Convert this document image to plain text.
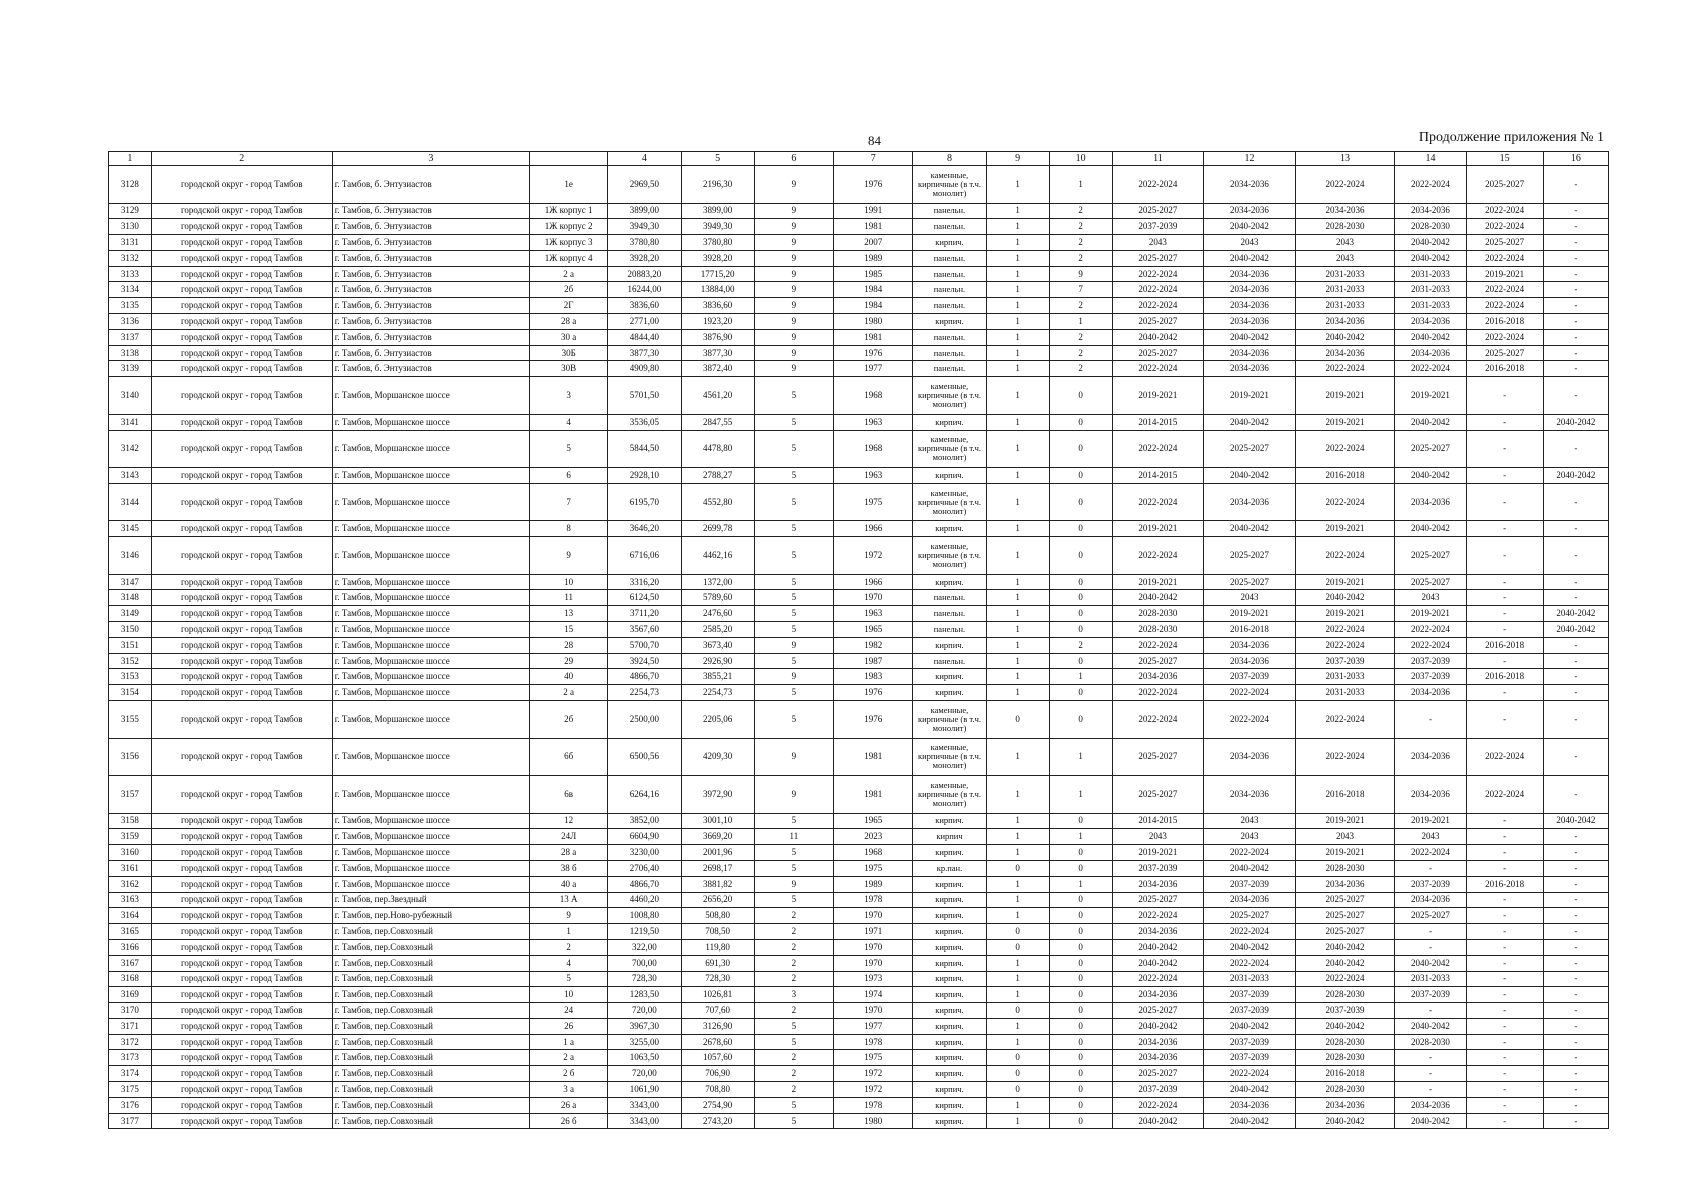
84	Продолжение приложения № 1
1	2	3		4	5	6	7	8	9	10	11	12	13	14	15	16
3128	городской округ - город Тамбов	г. Тамбов, б. Энтузиастов	1е	2969,50	2196,30	9	1976	каменные, кирпичные (в т.ч. монолит)	1	1	2022-2024	2034-2036	2022-2024	2022-2024	2025-2027	-
3129	городской округ - город Тамбов	г. Тамбов, б. Энтузиастов	1Ж корпус 1	3899,00	3899,00	9	1991	панельн.	1	2	2025-2027	2034-2036	2034-2036	2034-2036	2022-2024	-
3130	городской округ - город Тамбов	г. Тамбов, б. Энтузиастов	1Ж корпус 2	3949,30	3949,30	9	1981	панельн.	1	2	2037-2039	2040-2042	2028-2030	2028-2030	2022-2024	-
3131	городской округ - город Тамбов	г. Тамбов, б. Энтузиастов	1Ж корпус 3	3780,80	3780,80	9	2007	кирпич.	1	2	2043	2043	2043	2040-2042	2025-2027	-
3132	городской округ - город Тамбов	г. Тамбов, б. Энтузиастов	1Ж корпус 4	3928,20	3928,20	9	1989	панельн.	1	2	2025-2027	2040-2042	2043	2040-2042	2022-2024	-
3133	городской округ - город Тамбов	г. Тамбов, б. Энтузиастов	2 а	20883,20	17715,20	9	1985	панельн.	1	9	2022-2024	2034-2036	2031-2033	2031-2033	2019-2021	-
3134	городской округ - город Тамбов	г. Тамбов, б. Энтузиастов	2б	16244,00	13884,00	9	1984	панельн.	1	7	2022-2024	2034-2036	2031-2033	2031-2033	2022-2024	-
3135	городской округ - город Тамбов	г. Тамбов, б. Энтузиастов	2Г	3836,60	3836,60	9	1984	панельн.	1	2	2022-2024	2034-2036	2031-2033	2031-2033	2022-2024	-
3136	городской округ - город Тамбов	г. Тамбов, б. Энтузиастов	28 а	2771,00	1923,20	9	1980	кирпич.	1	1	2025-2027	2034-2036	2034-2036	2034-2036	2016-2018	-
3137	городской округ - город Тамбов	г. Тамбов, б. Энтузиастов	30 а	4844,40	3876,90	9	1981	панельн.	1	2	2040-2042	2040-2042	2040-2042	2040-2042	2022-2024	-
3138	городской округ - город Тамбов	г. Тамбов, б. Энтузиастов	30Б	3877,30	3877,30	9	1976	панельн.	1	2	2025-2027	2034-2036	2034-2036	2034-2036	2025-2027	-
3139	городской округ - город Тамбов	г. Тамбов, б. Энтузиастов	30В	4909,80	3872,40	9	1977	панельн.	1	2	2022-2024	2034-2036	2022-2024	2022-2024	2016-2018	-
3140	городской округ - город Тамбов	г. Тамбов, Моршанское шоссе	3	5701,50	4561,20	5	1968	каменные, кирпичные (в т.ч. монолит)	1	0	2019-2021	2019-2021	2019-2021	2019-2021	-	-
3141	городской округ - город Тамбов	г. Тамбов, Моршанское шоссе	4	3536,05	2847,55	5	1963	кирпич.	1	0	2014-2015	2040-2042	2019-2021	2040-2042	-	2040-2042
3142	городской округ - город Тамбов	г. Тамбов, Моршанское шоссе	5	5844,50	4478,80	5	1968	каменные, кирпичные (в т.ч. монолит)	1	0	2022-2024	2025-2027	2022-2024	2025-2027	-	-
3143	городской округ - город Тамбов	г. Тамбов, Моршанское шоссе	6	2928,10	2788,27	5	1963	кирпич.	1	0	2014-2015	2040-2042	2016-2018	2040-2042	-	2040-2042
3144	городской округ - город Тамбов	г. Тамбов, Моршанское шоссе	7	6195,70	4552,80	5	1975	каменные, кирпичные (в т.ч. монолит)	1	0	2022-2024	2034-2036	2022-2024	2034-2036	-	-
3145	городской округ - город Тамбов	г. Тамбов, Моршанское шоссе	8	3646,20	2699,78	5	1966	кирпич.	1	0	2019-2021	2040-2042	2019-2021	2040-2042	-	-
3146	городской округ - город Тамбов	г. Тамбов, Моршанское шоссе	9	6716,06	4462,16	5	1972	каменные, кирпичные (в т.ч. монолит)	1	0	2022-2024	2025-2027	2022-2024	2025-2027	-	-
3147	городской округ - город Тамбов	г. Тамбов, Моршанское шоссе	10	3316,20	1372,00	5	1966	кирпич.	1	0	2019-2021	2025-2027	2019-2021	2025-2027	-	-
3148	городской округ - город Тамбов	г. Тамбов, Моршанское шоссе	11	6124,50	5789,60	5	1970	панельн.	1	0	2040-2042	2043	2040-2042	2043	-	-
3149	городской округ - город Тамбов	г. Тамбов, Моршанское шоссе	13	3711,20	2476,60	5	1963	панельн.	1	0	2028-2030	2019-2021	2019-2021	2019-2021	-	2040-2042
3150	городской округ - город Тамбов	г. Тамбов, Моршанское шоссе	15	3567,60	2585,20	5	1965	панельн.	1	0	2028-2030	2016-2018	2022-2024	2022-2024	-	2040-2042
3151	городской округ - город Тамбов	г. Тамбов, Моршанское шоссе	28	5700,70	3673,40	9	1982	кирпич.	1	2	2022-2024	2034-2036	2022-2024	2022-2024	2016-2018	-
3152	городской округ - город Тамбов	г. Тамбов, Моршанское шоссе	29	3924,50	2926,90	5	1987	панельн.	1	0	2025-2027	2034-2036	2037-2039	2037-2039	-	-
3153	городской округ - город Тамбов	г. Тамбов, Моршанское шоссе	40	4866,70	3855,21	9	1983	кирпич.	1	1	2034-2036	2037-2039	2031-2033	2037-2039	2016-2018	-
3154	городской округ - город Тамбов	г. Тамбов, Моршанское шоссе	2 а	2254,73	2254,73	5	1976	кирпич.	1	0	2022-2024	2022-2024	2031-2033	2034-2036	-	-
3155	городской округ - город Тамбов	г. Тамбов, Моршанское шоссе	2б	2500,00	2205,06	5	1976	каменные, кирпичные (в т.ч. монолит)	0	0	2022-2024	2022-2024	2022-2024	-	-	-
3156	городской округ - город Тамбов	г. Тамбов, Моршанское шоссе	6б	6500,56	4209,30	9	1981	каменные, кирпичные (в т.ч. монолит)	1	1	2025-2027	2034-2036	2022-2024	2034-2036	2022-2024	-
3157	городской округ - город Тамбов	г. Тамбов, Моршанское шоссе	6в	6264,16	3972,90	9	1981	каменные, кирпичные (в т.ч. монолит)	1	1	2025-2027	2034-2036	2016-2018	2034-2036	2022-2024	-
3158	городской округ - город Тамбов	г. Тамбов, Моршанское шоссе	12	3852,00	3001,10	5	1965	кирпич.	1	0	2014-2015	2043	2019-2021	2019-2021	-	2040-2042
3159	городской округ - город Тамбов	г. Тамбов, Моршанское шоссе	24Л	6604,90	3669,20	11	2023	кирпич	1	1	2043	2043	2043	2043	-	-
3160	городской округ - город Тамбов	г. Тамбов, Моршанское шоссе	28 а	3230,00	2001,96	5	1968	кирпич.	1	0	2019-2021	2022-2024	2019-2021	2022-2024	-	-
3161	городской округ - город Тамбов	г. Тамбов, Моршанское шоссе	38 б	2706,40	2698,17	5	1975	кр.пан.	0	0	2037-2039	2040-2042	2028-2030	-	-	-
3162	городской округ - город Тамбов	г. Тамбов, Моршанское шоссе	40 а	4866,70	3881,82	9	1989	кирпич.	1	1	2034-2036	2037-2039	2034-2036	2037-2039	2016-2018	-
3163	городской округ - город Тамбов	г. Тамбов, пер.Звездный	13 А	4460,20	2656,20	5	1978	кирпич.	1	0	2025-2027	2034-2036	2025-2027	2034-2036	-	-
3164	городской округ - город Тамбов	г. Тамбов, пер.Ново-рубежный	9	1008,80	508,80	2	1970	кирпич.	1	0	2022-2024	2025-2027	2025-2027	2025-2027	-	-
3165	городской округ - город Тамбов	г. Тамбов, пер.Совхозный	1	1219,50	708,50	2	1971	кирпич.	0	0	2034-2036	2022-2024	2025-2027	-	-	-
3166	городской округ - город Тамбов	г. Тамбов, пер.Совхозный	2	322,00	119,80	2	1970	кирпич.	0	0	2040-2042	2040-2042	2040-2042	-	-	-
3167	городской округ - город Тамбов	г. Тамбов, пер.Совхозный	4	700,00	691,30	2	1970	кирпич.	1	0	2040-2042	2022-2024	2040-2042	2040-2042	-	-
3168	городской округ - город Тамбов	г. Тамбов, пер.Совхозный	5	728,30	728,30	2	1973	кирпич.	1	0	2022-2024	2031-2033	2022-2024	2031-2033	-	-
3169	городской округ - город Тамбов	г. Тамбов, пер.Совхозный	10	1283,50	1026,81	3	1974	кирпич.	1	0	2034-2036	2037-2039	2028-2030	2037-2039	-	-
3170	городской округ - город Тамбов	г. Тамбов, пер.Совхозный	24	720,00	707,60	2	1970	кирпич.	0	0	2025-2027	2037-2039	2037-2039	-	-	-
3171	городской округ - город Тамбов	г. Тамбов, пер.Совхозный	26	3967,30	3126,90	5	1977	кирпич.	1	0	2040-2042	2040-2042	2040-2042	2040-2042	-	-
3172	городской округ - город Тамбов	г. Тамбов, пер.Совхозный	1 а	3255,00	2678,60	5	1978	кирпич.	1	0	2034-2036	2037-2039	2028-2030	2028-2030	-	-
3173	городской округ - город Тамбов	г. Тамбов, пер.Совхозный	2 а	1063,50	1057,60	2	1975	кирпич.	0	0	2034-2036	2037-2039	2028-2030	-	-	-
3174	городской округ - город Тамбов	г. Тамбов, пер.Совхозный	2 б	720,00	706,90	2	1972	кирпич.	0	0	2025-2027	2022-2024	2016-2018	-	-	-
3175	городской округ - город Тамбов	г. Тамбов, пер.Совхозный	3 а	1061,90	708,80	2	1972	кирпич.	0	0	2037-2039	2040-2042	2028-2030	-	-	-
3176	городской округ - город Тамбов	г. Тамбов, пер.Совхозный	26 а	3343,00	2754,90	5	1978	кирпич.	1	0	2022-2024	2034-2036	2034-2036	2034-2036	-	-
3177	городской округ - город Тамбов	г. Тамбов, пер.Совхозный	26 б	3343,00	2743,20	5	1980	кирпич.	1	0	2040-2042	2040-2042	2040-2042	2040-2042	-	-
